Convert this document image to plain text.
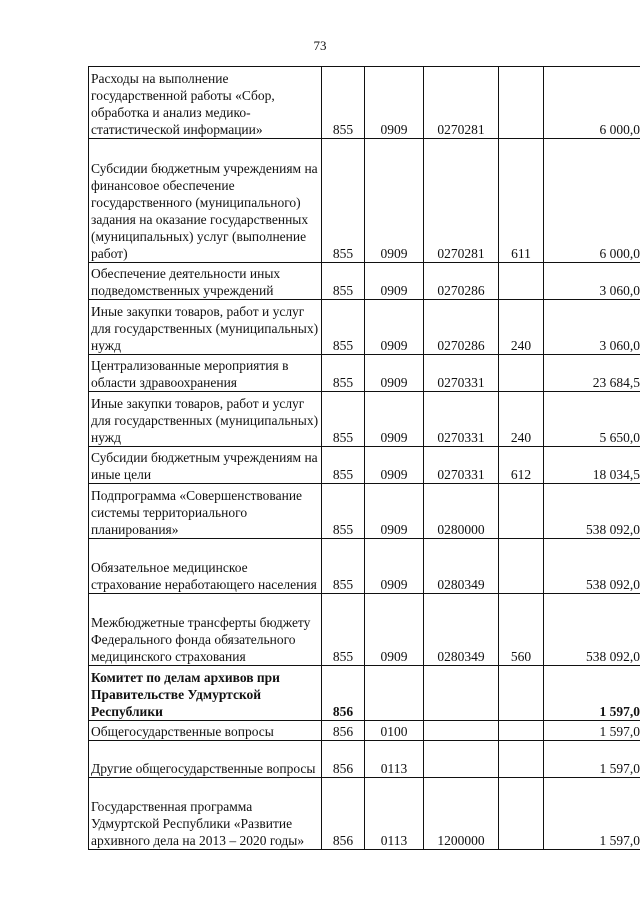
73
Расходы на выполнение государственной работы «Сбор, обработка и анализ медико-статистической информации»	855	0909	0270281		6 000,0
Субсидии бюджетным учреждениям на финансовое обеспечение государственного (муниципального) задания на оказание государственных (муниципальных) услуг (выполнение работ)	855	0909	0270281	611	6 000,0
Обеспечение деятельности иных подведомственных учреждений	855	0909	0270286		3 060,0
Иные закупки товаров, работ и услуг для государственных (муниципальных) нужд	855	0909	0270286	240	3 060,0
Централизованные мероприятия в области здравоохранения	855	0909	0270331		23 684,5
Иные закупки товаров, работ и услуг для государственных (муниципальных) нужд	855	0909	0270331	240	5 650,0
Субсидии бюджетным учреждениям на иные цели	855	0909	0270331	612	18 034,5
Подпрограмма «Совершенствование системы территориального планирования»	855	0909	0280000		538 092,0
Обязательное медицинское страхование неработающего населения	855	0909	0280349		538 092,0
Межбюджетные трансферты бюджету Федерального фонда обязательного медицинского страхования	855	0909	0280349	560	538 092,0
Комитет по делам архивов при Правительстве Удмуртской Республики	856				1 597,0
Общегосударственные вопросы	856	0100			1 597,0
Другие общегосударственные вопросы	856	0113			1 597,0
Государственная программа Удмуртской Республики «Развитие архивного дела на 2013 – 2020 годы»	856	0113	1200000		1 597,0
